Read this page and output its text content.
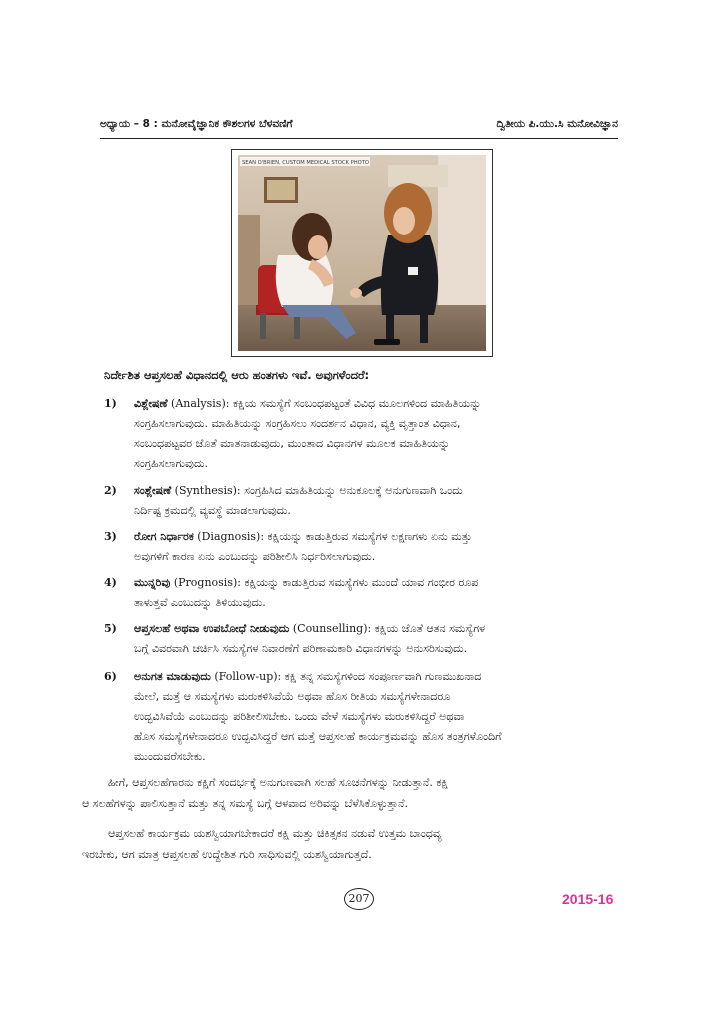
ಅಧ್ಯಾಯ – 8 : ಮನೋವೈಜ್ಞಾನಿಕ ಕೌಶಲಗಳ ಬೆಳವಣಿಗೆ	ದ್ವಿತೀಯ ಪಿ.ಯು.ಸಿ ಮನೋವಿಜ್ಞಾನ
SEAN O'BRIEN, CUSTOM MEDICAL STOCK PHOTO
ನಿರ್ದೇಶಿತ ಆಪ್ತಸಲಹೆ ವಿಧಾನದಲ್ಲಿ ಆರು ಹಂತಗಳು ಇವೆ. ಅವುಗಳೆಂದರೆ:
1) ವಿಶ್ಲೇಷಣೆ (Analysis): ಕಕ್ಷಿಯ ಸಮಸ್ಯೆಗೆ ಸಂಬಂಧಪಟ್ಟಂತೆ ವಿವಿಧ ಮೂಲಗಳಿಂದ ಮಾಹಿತಿಯನ್ನು
ಸಂಗ್ರಹಿಸಲಾಗುವುದು. ಮಾಹಿತಿಯನ್ನು ಸಂಗ್ರಹಿಸಲು ಸಂದರ್ಶನ ವಿಧಾನ, ವ್ಯಕ್ತಿ ವೃತ್ತಾಂತ ವಿಧಾನ,
ಸಂಬಂಧಪಟ್ಟವರ ಜೊತೆ ಮಾತನಾಡುವುದು, ಮುಂತಾದ ವಿಧಾನಗಳ ಮೂಲಕ ಮಾಹಿತಿಯನ್ನು
ಸಂಗ್ರಹಿಸಲಾಗುವುದು.
2) ಸಂಶ್ಲೇಷಣೆ (Synthesis): ಸಂಗ್ರಹಿಸಿದ ಮಾಹಿತಿಯನ್ನು ಅನುಕೂಲಕ್ಕೆ ಅನುಗುಣವಾಗಿ ಒಂದು
ನಿರ್ದಿಷ್ಟ ಕ್ರಮದಲ್ಲಿ ವ್ಯವಸ್ಥೆ ಮಾಡಲಾಗುವುದು.
3) ರೋಗ ನಿರ್ಧಾರಕ (Diagnosis): ಕಕ್ಷಿಯನ್ನು ಕಾಡುತ್ತಿರುವ ಸಮಸ್ಯೆಗಳ ಲಕ್ಷಣಗಳು ಏನು ಮತ್ತು
ಅವುಗಳಿಗೆ ಕಾರಣ ಏನು ಎಂಬುದನ್ನು ಪರಿಶೀಲಿಸಿ ನಿರ್ಧರಿಸಲಾಗುವುದು.
4) ಮುನ್ನರಿವು (Prognosis): ಕಕ್ಷಿಯನ್ನು ಕಾಡುತ್ತಿರುವ ಸಮಸ್ಯೆಗಳು ಮುಂದೆ ಯಾವ ಗಂಭೀರ ರೂಪ
ತಾಳುತ್ತವೆ ಎಂಬುದನ್ನು ತಿಳಿಯುವುದು.
5) ಆಪ್ತಸಲಹೆ ಅಥವಾ ಉಪಬೋಧೆ ನೀಡುವುದು (Counselling): ಕಕ್ಷಿಯ ಜೊತೆ ಆತನ ಸಮಸ್ಯೆಗಳ
ಬಗ್ಗೆ ವಿವರವಾಗಿ ಚರ್ಚಿಸಿ ಸಮಸ್ಯೆಗಳ ನಿವಾರಣೆಗೆ ಪರಿಣಾಮಕಾರಿ ವಿಧಾನಗಳನ್ನು ಅನುಸರಿಸುವುದು.
6) ಅನುಗತ ಮಾಡುವುದು (Follow-up): ಕಕ್ಷಿ ತನ್ನ ಸಮಸ್ಯೆಗಳಿಂದ ಸಂಪೂರ್ಣವಾಗಿ ಗುಣಮುಖನಾದ
ಮೇಲೆ, ಮತ್ತೆ ಆ ಸಮಸ್ಯೆಗಳು ಮರುಕಳಿಸಿವೆಯೆ ಅಥವಾ ಹೊಸ ರೀತಿಯ ಸಮಸ್ಯೆಗಳೇನಾದರೂ
ಉದ್ಭವಿಸಿವೆಯೆ ಎಂಬುದನ್ನು ಪರಿಶೀಲಿಸಬೇಕು. ಒಂದು ವೇಳೆ ಸಮಸ್ಯೆಗಳು ಮರುಕಳಿಸಿದ್ದರೆ ಅಥವಾ
ಹೊಸ ಸಮಸ್ಯೆಗಳೇನಾದರೂ ಉದ್ಭವಿಸಿದ್ದರೆ ಆಗ ಮತ್ತೆ ಆಪ್ತಸಲಹೆ ಕಾರ್ಯಕ್ರಮವನ್ನು ಹೊಸ ತಂತ್ರಗಳೊಂದಿಗೆ
ಮುಂದುವರೆಸಬೇಕು.
ಹೀಗೆ, ಆಪ್ತಸಲಹೆಗಾರನು ಕಕ್ಷಿಗೆ ಸಂದರ್ಭಕ್ಕೆ ಅನುಗುಣವಾಗಿ ಸಲಹೆ ಸೂಚನೆಗಳನ್ನು ನೀಡುತ್ತಾನೆ. ಕಕ್ಷಿ
ಆ ಸಲಹೆಗಳನ್ನು ಪಾಲಿಸುತ್ತಾನೆ ಮತ್ತು ತನ್ನ ಸಮಸ್ಯೆ ಬಗ್ಗೆ ಆಳವಾದ ಅರಿವನ್ನು ಬೆಳೆಸಿಕೊಳ್ಳುತ್ತಾನೆ.
ಆಪ್ತಸಲಹೆ ಕಾರ್ಯಕ್ರಮ ಯಶಸ್ವಿಯಾಗಬೇಕಾದರೆ ಕಕ್ಷಿ ಮತ್ತು ಚಿಕಿತ್ಸಕನ ನಡುವೆ ಉತ್ತಮ ಬಾಂಧವ್ಯ
ಇರಬೇಕು, ಆಗ ಮಾತ್ರ ಆಪ್ತಸಲಹೆ ಉದ್ದೇಶಿತ ಗುರಿ ಸಾಧಿಸುವಲ್ಲಿ ಯಶಸ್ವಿಯಾಗುತ್ತದೆ.
207	2015-16
